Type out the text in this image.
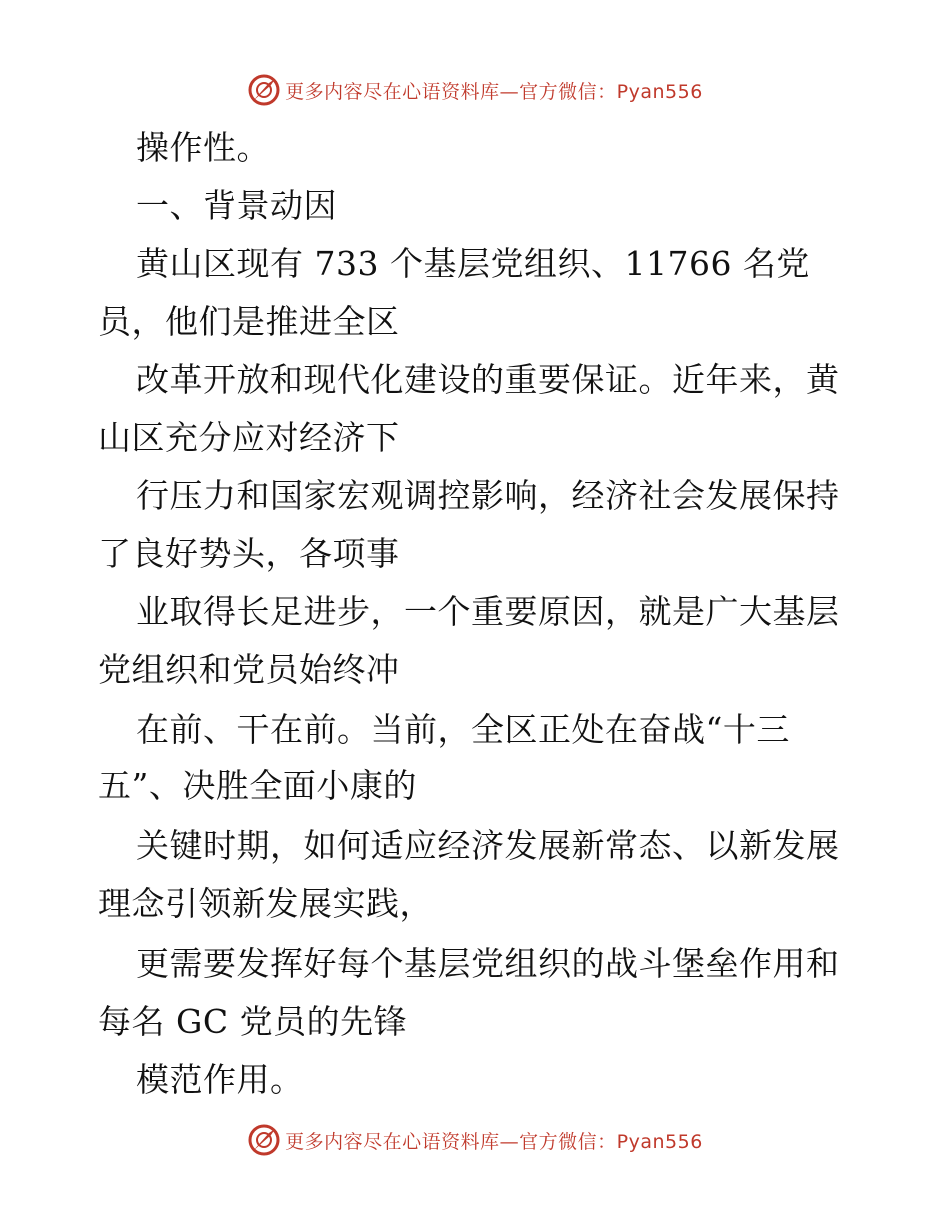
更多内容尽在心语资料库—官方微信：Pyan556
操作性。
一、背景动因
黄山区现有 733 个基层党组织、11766 名党
员，他们是推进全区
改革开放和现代化建设的重要保证。近年来，黄
山区充分应对经济下
行压力和国家宏观调控影响，经济社会发展保持
了良好势头，各项事
业取得长足进步，一个重要原因，就是广大基层
党组织和党员始终冲
在前、干在前。当前，全区正处在奋战“十三
五”、决胜全面小康的
关键时期，如何适应经济发展新常态、以新发展
理念引领新发展实践，
更需要发挥好每个基层党组织的战斗堡垒作用和
每名 GC 党员的先锋
模范作用。
更多内容尽在心语资料库—官方微信：Pyan556
